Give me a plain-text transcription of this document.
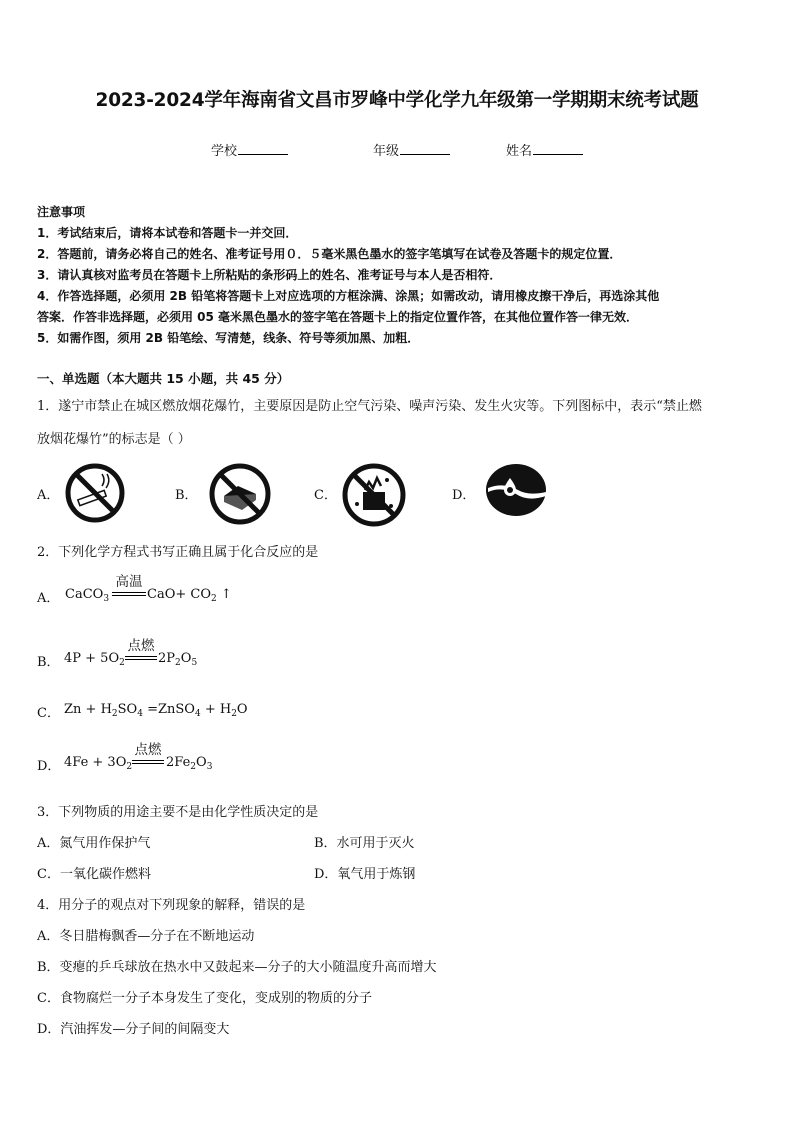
2023-2024学年海南省文昌市罗峰中学化学九年级第一学期期末统考试题
学校	年级	姓名
注意事项
1．考试结束后，请将本试卷和答题卡一并交回．
2．答题前，请务必将自己的姓名、准考证号用０．５毫米黑色墨水的签字笔填写在试卷及答题卡的规定位置．
3．请认真核对监考员在答题卡上所粘贴的条形码上的姓名、准考证号与本人是否相符．
4．作答选择题，必须用 2B 铅笔将答题卡上对应选项的方框涂满、涂黑；如需改动，请用橡皮擦干净后，再选涂其他
答案．作答非选择题，必须用 05 毫米黑色墨水的签字笔在答题卡上的指定位置作答，在其他位置作答一律无效．
5．如需作图，须用 2B 铅笔绘、写清楚，线条、符号等须加黑、加粗．
一、单选题（本大题共 15 小题，共 45 分）
1．遂宁市禁止在城区燃放烟花爆竹，主要原因是防止空气污染、噪声污染、发生火灾等。下列图标中，表示“禁止燃
放烟花爆竹”的标志是（ ）
A．	B．	C．	D．
2．下列化学方程式书写正确且属于化合反应的是
A． CaCO$_3$
高温
$CaO+ CO_2$ ↑
B． $4P + 5O_2$
点燃
$2P_2O_5$
C． $Zn + H_2SO_4$ =ZnSO$_4$ + $H_2O$
D． $4Fe + 3O_2$
点燃
$2Fe_2O_3$
3．下列物质的用途主要不是由化学性质决定的是
A．氮气用作保护气	B．水可用于灭火
C．一氧化碳作燃料	D．氧气用于炼钢
4．用分子的观点对下列现象的解释，错误的是
A．冬日腊梅飘香—分子在不断地运动
B．变瘪的乒乓球放在热水中又鼓起来—分子的大小随温度升高而增大
C．食物腐烂一分子本身发生了变化，变成别的物质的分子
D．汽油挥发—分子间的间隔变大
